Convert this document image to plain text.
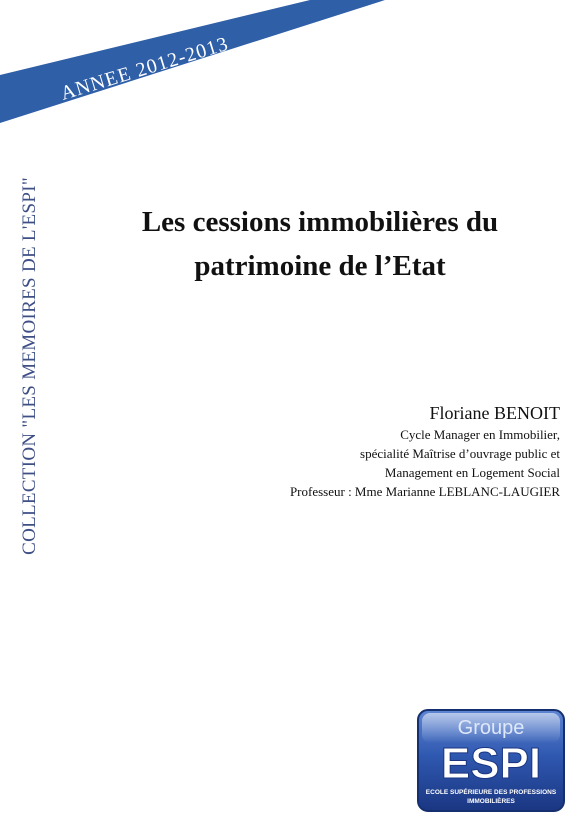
ANNEE 2012-2013
COLLECTION "LES MEMOIRES DE L'ESPI"	Les cessions immobilières du
patrimoine de l’Etat
Floriane BENOIT
Cycle Manager en Immobilier,
spécialité Maîtrise d’ouvrage public et
Management en Logement Social
Professeur : Mme Marianne LEBLANC-LAUGIER
Groupe
ESPI
ECOLE SUPÉRIEURE DES PROFESSIONS
IMMOBILIÈRES
